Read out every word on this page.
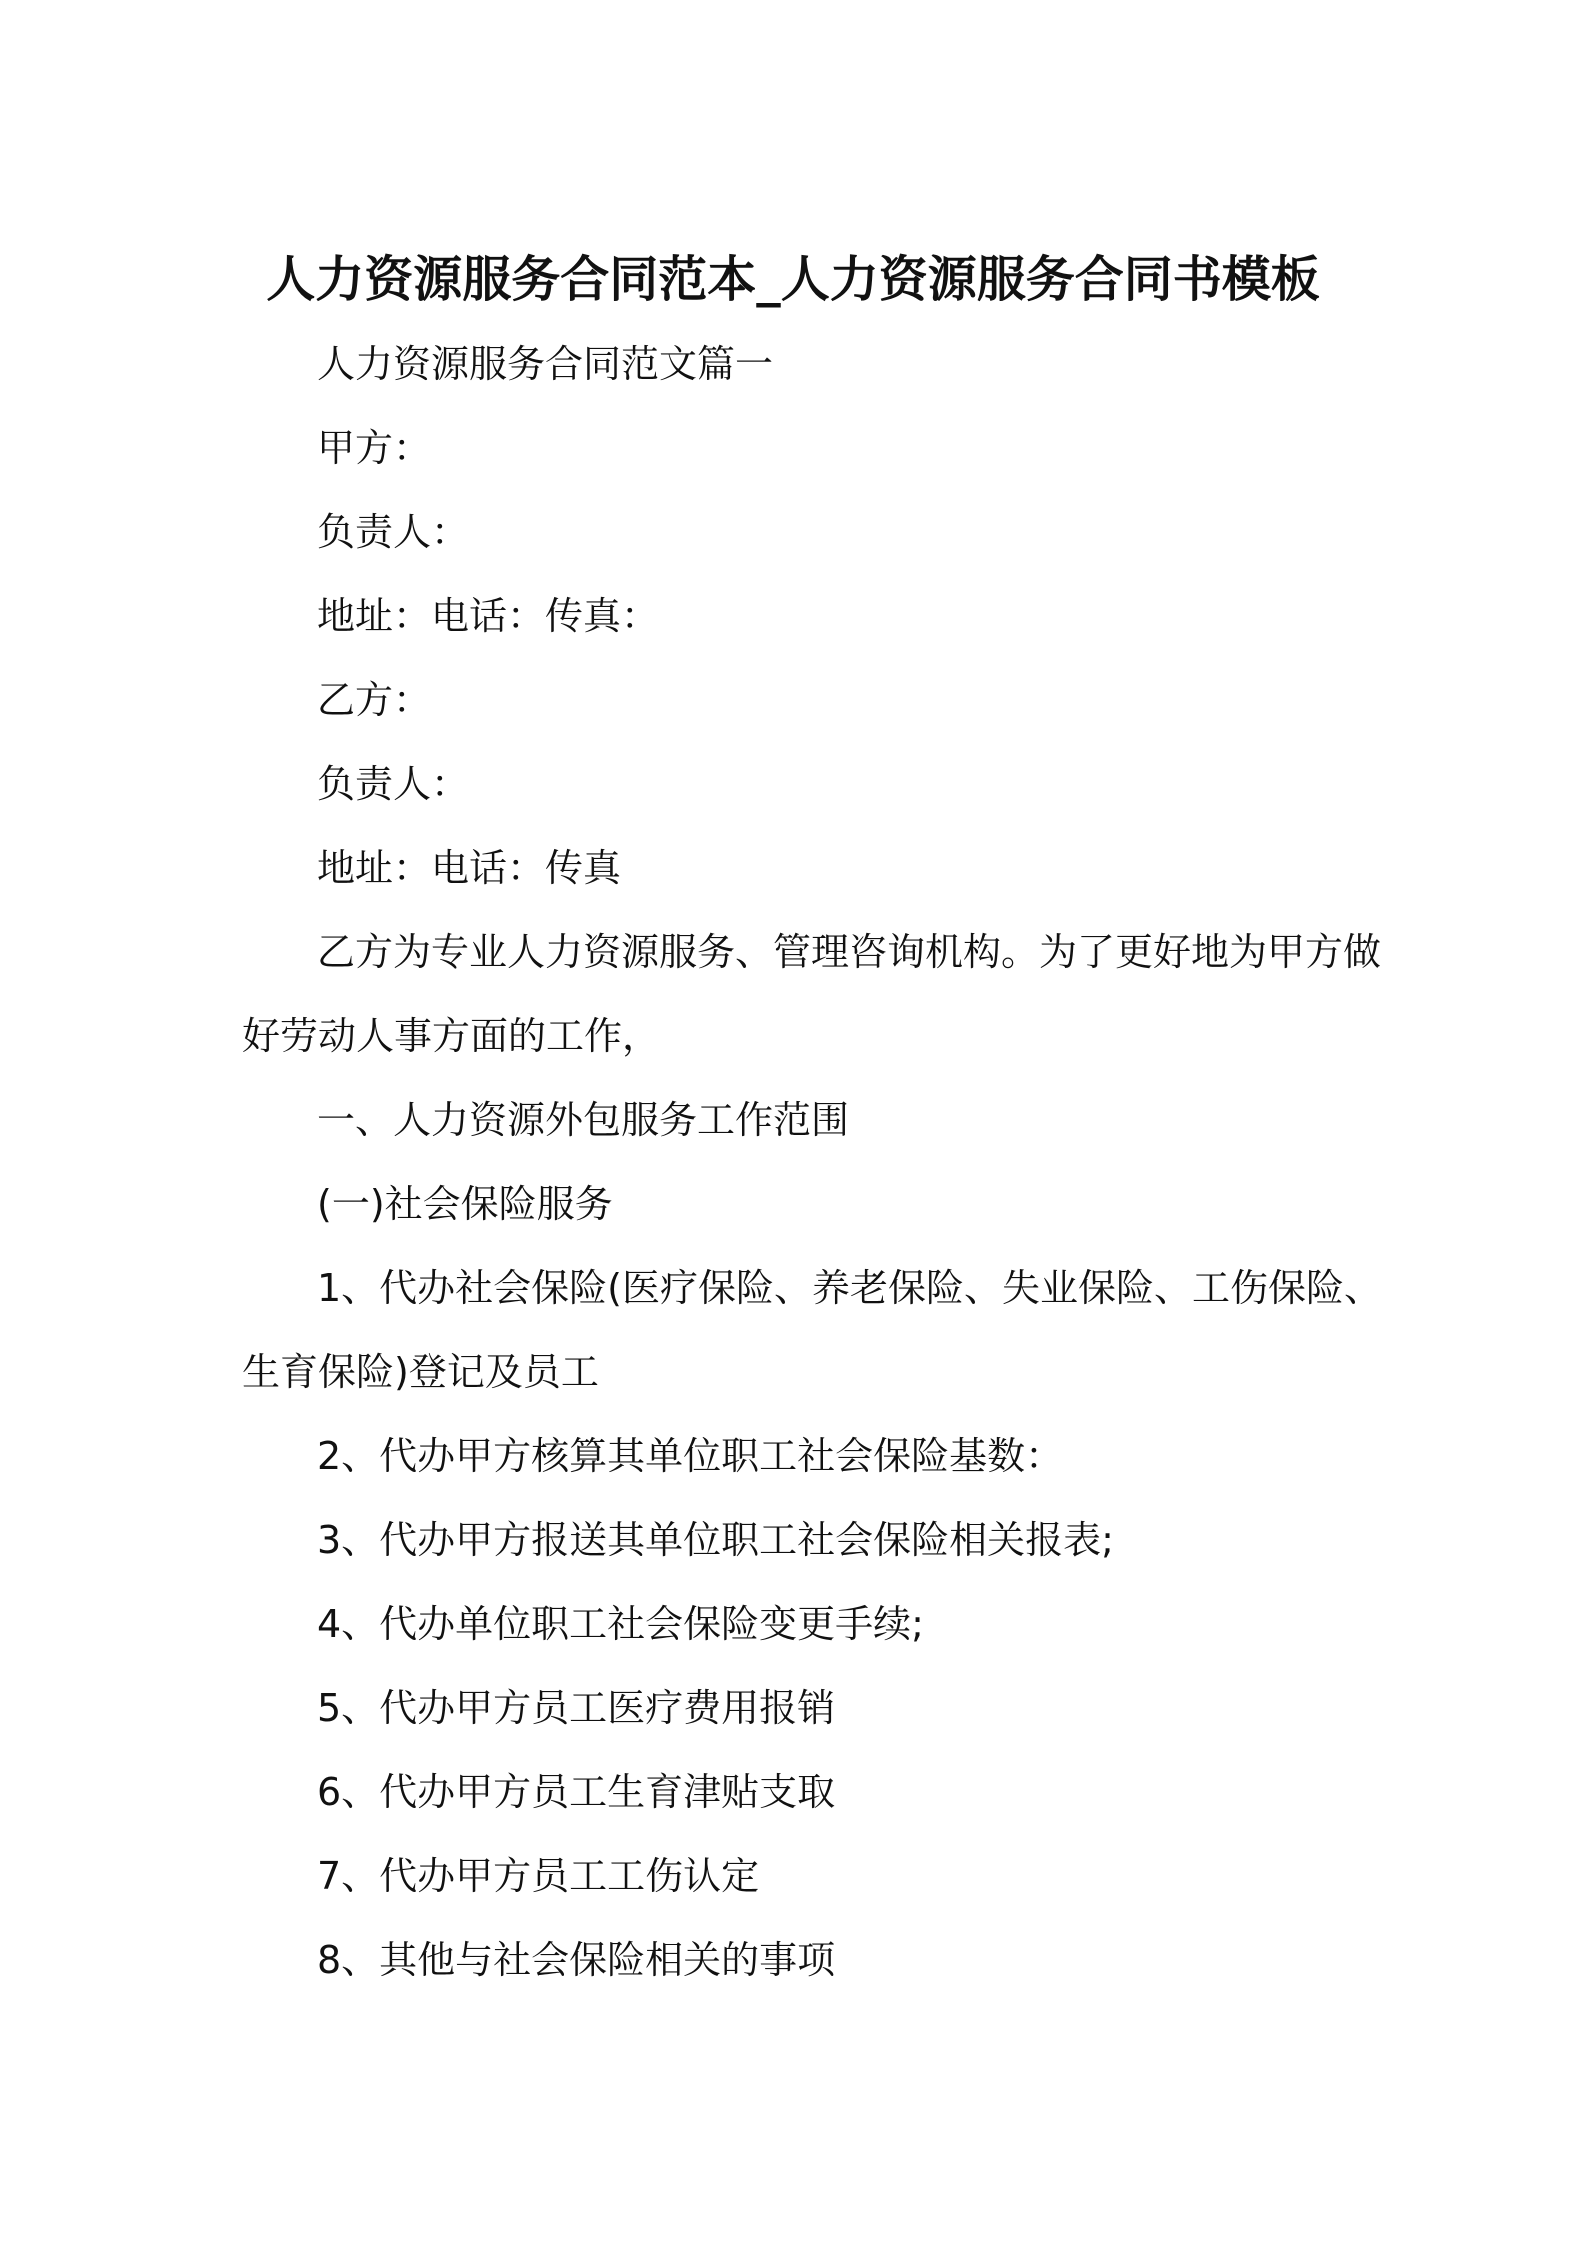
人力资源服务合同范本_人力资源服务合同书模板

人力资源服务合同范文篇一

甲方：

负责人：

地址：电话：传真：

乙方：

负责人：

地址：电话：传真

乙方为专业人力资源服务、管理咨询机构。为了更好地为甲方做

好劳动人事方面的工作，

一、人力资源外包服务工作范围

(一)社会保险服务

1、代办社会保险(医疗保险、养老保险、失业保险、工伤保险、

生育保险)登记及员工

2、代办甲方核算其单位职工社会保险基数：

3、代办甲方报送其单位职工社会保险相关报表;

4、代办单位职工社会保险变更手续;

5、代办甲方员工医疗费用报销

6、代办甲方员工生育津贴支取

7、代办甲方员工工伤认定

8、其他与社会保险相关的事项
